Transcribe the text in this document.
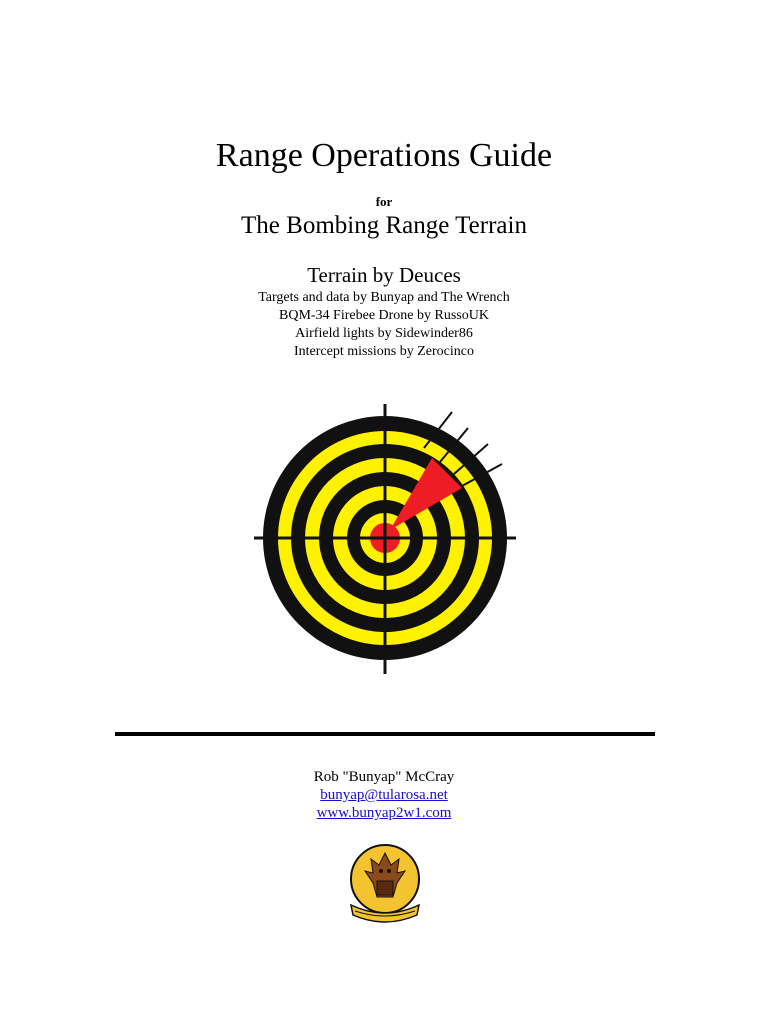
Range Operations Guide
for
The Bombing Range Terrain
Terrain by Deuces
Targets and data by Bunyap and The Wrench
BQM-34 Firebee Drone by RussoUK
Airfield lights by Sidewinder86
Intercept missions by Zerocinco
Rob "Bunyap" McCray
bunyap@tularosa.net
www.bunyap2w1.com
